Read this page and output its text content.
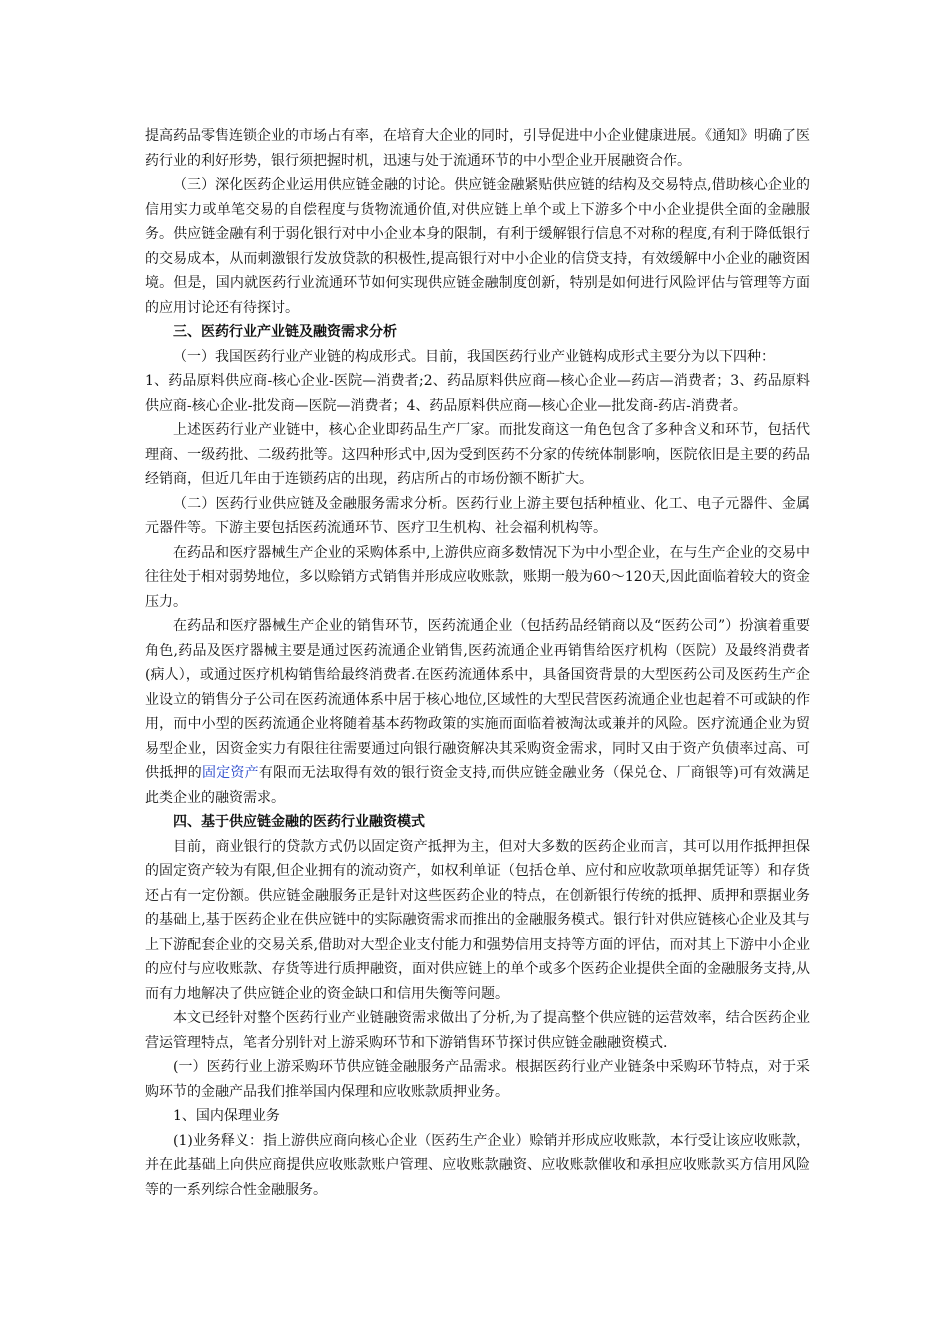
提高药品零售连锁企业的市场占有率，在培育大企业的同时，引导促进中小企业健康进展。《通知》明确了医药行业的利好形势，银行须把握时机，迅速与处于流通环节的中小型企业开展融资合作。

（三）深化医药企业运用供应链金融的讨论。供应链金融紧贴供应链的结构及交易特点,借助核心企业的信用实力或单笔交易的自偿程度与货物流通价值,对供应链上单个或上下游多个中小企业提供全面的金融服务。供应链金融有利于弱化银行对中小企业本身的限制，有利于缓解银行信息不对称的程度,有利于降低银行的交易成本，从而刺激银行发放贷款的积极性,提高银行对中小企业的信贷支持，有效缓解中小企业的融资困境。但是，国内就医药行业流通环节如何实现供应链金融制度创新，特别是如何进行风险评估与管理等方面的应用讨论还有待探讨。

三、医药行业产业链及融资需求分析

（一）我国医药行业产业链的构成形式。目前，我国医药行业产业链构成形式主要分为以下四种：

1、药品原料供应商-核心企业-医院—消费者;2、药品原料供应商—核心企业—药店—消费者；3、药品原料供应商-核心企业-批发商—医院—消费者；4、药品原料供应商—核心企业—批发商-药店-消费者。

上述医药行业产业链中，核心企业即药品生产厂家。而批发商这一角色包含了多种含义和环节，包括代理商、一级药批、二级药批等。这四种形式中,因为受到医药不分家的传统体制影响，医院依旧是主要的药品经销商，但近几年由于连锁药店的出现，药店所占的市场份额不断扩大。

（二）医药行业供应链及金融服务需求分析。医药行业上游主要包括种植业、化工、电子元器件、金属元器件等。下游主要包括医药流通环节、医疗卫生机构、社会福利机构等。

在药品和医疗器械生产企业的采购体系中,上游供应商多数情况下为中小型企业，在与生产企业的交易中往往处于相对弱势地位，多以赊销方式销售并形成应收账款，账期一般为60～120天,因此面临着较大的资金压力。

在药品和医疗器械生产企业的销售环节，医药流通企业（包括药品经销商以及“医药公司”）扮演着重要角色,药品及医疗器械主要是通过医药流通企业销售,医药流通企业再销售给医疗机构（医院）及最终消费者(病人），或通过医疗机构销售给最终消费者.在医药流通体系中，具备国资背景的大型医药公司及医药生产企业设立的销售分子公司在医药流通体系中居于核心地位,区域性的大型民营医药流通企业也起着不可或缺的作用，而中小型的医药流通企业将随着基本药物政策的实施而面临着被淘汰或兼并的风险。医疗流通企业为贸易型企业，因资金实力有限往往需要通过向银行融资解决其采购资金需求，同时又由于资产负债率过高、可供抵押的固定资产有限而无法取得有效的银行资金支持,而供应链金融业务（保兑仓、厂商银等)可有效满足此类企业的融资需求。

四、基于供应链金融的医药行业融资模式

目前，商业银行的贷款方式仍以固定资产抵押为主，但对大多数的医药企业而言，其可以用作抵押担保的固定资产较为有限,但企业拥有的流动资产，如权利单证（包括仓单、应付和应收款项单据凭证等）和存货还占有一定份额。供应链金融服务正是针对这些医药企业的特点，在创新银行传统的抵押、质押和票据业务的基础上,基于医药企业在供应链中的实际融资需求而推出的金融服务模式。银行针对供应链核心企业及其与上下游配套企业的交易关系,借助对大型企业支付能力和强势信用支持等方面的评估，而对其上下游中小企业的应付与应收账款、存货等进行质押融资，面对供应链上的单个或多个医药企业提供全面的金融服务支持,从而有力地解决了供应链企业的资金缺口和信用失衡等问题。

本文已经针对整个医药行业产业链融资需求做出了分析,为了提高整个供应链的运营效率，结合医药企业营运管理特点，笔者分别针对上游采购环节和下游销售环节探讨供应链金融融资模式.

(一）医药行业上游采购环节供应链金融服务产品需求。根据医药行业产业链条中采购环节特点，对于采购环节的金融产品我们推举国内保理和应收账款质押业务。

1、国内保理业务

(1)业务释义：指上游供应商向核心企业（医药生产企业）赊销并形成应收账款，本行受让该应收账款，并在此基础上向供应商提供应收账款账户管理、应收账款融资、应收账款催收和承担应收账款买方信用风险等的一系列综合性金融服务。
